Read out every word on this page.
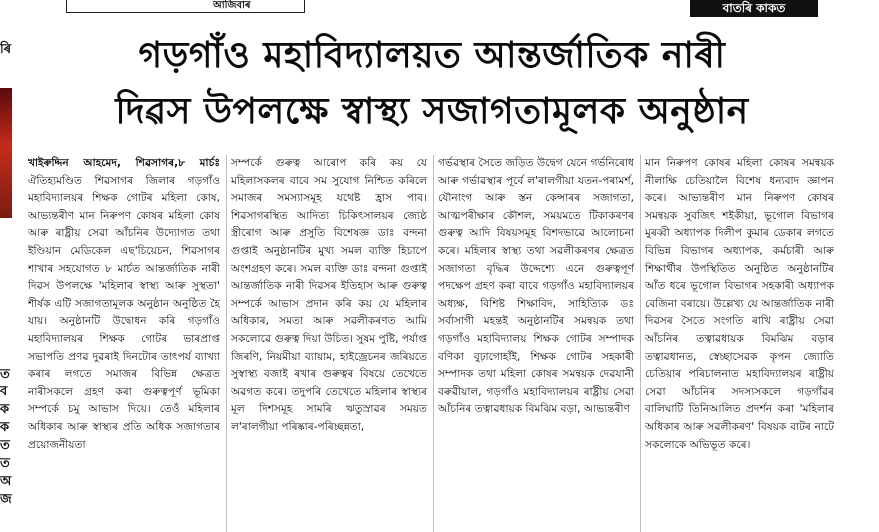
আজিবাৰ	বাতৰি কাকত
ৰি
ত
ব
ক
ক
ত
ত
অ
জ
গড়গাঁও মহাবিদ্যালয়ত আন্তৰ্জাতিক নাৰী
দিৱস উপলক্ষে স্বাস্থ্য সজাগতামূলক অনুষ্ঠান

খাইৰুদ্দিন আহমেদ, শিৱসাগৰ,৮ মাৰ্চঃ ঐতিহ্যমণ্ডিত শিৱসাগৰ জিলাৰ গড়গাঁও মহাবিদ্যালয়ৰ শিক্ষক গোটৰ মহিলা কোষ, আভ্যন্তৰীণ মান নিৰুপণ কোষৰ মহিলা কোষ আৰু ৰাষ্ট্ৰীয় সেৱা আঁচনিৰ উদ্যোগত তথা ইণ্ডিয়ান মেডিকেল এছ'চিয়েচন, শিৱসাগৰ শাখাৰ সহযোগত ৮ মাৰ্চত আন্তৰ্জাতিক নাৰী দিৱস উপলক্ষে 'মহিলাৰ স্বাস্থ্য আৰু সুস্থতা' শীৰ্ষক এটি সজাগতামূলক অনুষ্ঠান অনুষ্ঠিত হৈ যায়। অনুষ্ঠানটি উদ্বোধন কৰি গড়গাঁও মহাবিদ্যালয়ৰ শিক্ষক গোটৰ ভাৰপ্ৰাপ্ত সভাপতি প্ৰণৱ দুৱৰাই দিনটোৰ তাৎপৰ্য ব্যাখ্যা কৰাৰ লগতে সমাজৰ বিভিন্ন ক্ষেত্ৰত নাৰীসকলে গ্ৰহণ কৰা গুৰুত্বপূৰ্ণ ভূমিকা সম্পৰ্কে চমু আভাস দিয়ে। তেওঁ মহিলাৰ অধিকাৰ আৰু স্বাস্থ্যৰ প্ৰতি অধিক সজাগতাৰ প্ৰয়োজনীয়তা

সম্পৰ্কে গুৰুত্ব আৰোপ কৰি কয় যে মহিলাসকলৰ বাবে সম সুযোগ নিশ্চিত কৰিলে সমাজৰ সমস্যাসমূহ যথেষ্ট হ্ৰাস পাব। শিৱসাগৰস্থিত আদিত্য চিকিৎসালয়ৰ জ্যেষ্ঠ স্ত্ৰীৰোগ আৰু প্ৰসুতি বিশেষজ্ঞ ডাঃ বন্দনা গুপ্তাই অনুষ্ঠানটিৰ মুখ্য সমল ব্যক্তি হিচাপে অংশগ্ৰহণ কৰে। সমল ব্যক্তি ডাঃ বন্দনা গুপ্তাই আন্তৰ্জাতিক নাৰী দিৱসৰ ইতিহাস আৰু গুৰুত্ব সম্পৰ্কে আভাস প্ৰদান কৰি কয় যে মহিলাৰ অধিকাৰ, সমতা আৰু সৱলীকৰণত আমি সকলোৱে গুৰুত্ব দিয়া উচিত। সুষম পুষ্টি, পৰ্যাপ্ত জিৰণি, নিয়মীয়া ব্যায়াম, হাইজ্ৰেচনৰ জৰিয়তে সুস্বাস্থ্য বজাই ৰখাৰ গুৰুত্বৰ বিষয়ে তেখেতে অৱগত কৰে। তদুপৰি তেখেতে মহিলাৰ স্বাস্থ্যৰ মূল দিশসমূহ সামৰি ঋতুস্ৰাৱৰ সময়ত ল'ৰালগীয়া পৰিষ্কাৰ-পৰিচ্ছন্নতা,

গৰ্ভৱস্থাৰ সৈতে জড়িত উদ্বেগ যেনে গৰ্ভনিৰোধ আৰু গৰ্ভাৱস্থাৰ পূৰ্বে ল'ৰালগীয়া যতন-পৰামৰ্শ, যৌনাংগ আৰু স্তন কেন্সাৰৰ সজাগতা, আত্মপৰীক্ষাৰ কৌশল, সময়মতে টিকাকৰণৰ গুৰুত্ব আদি বিষয়সমূহ বিশদভাৱে আলোচনা কৰে। মহিলাৰ স্বাস্থ্য তথা সৱলীকৰণৰ ক্ষেত্ৰত সজাগতা বৃদ্ধিৰ উদ্দেশ্যে এনে গুৰুত্বপূৰ্ণ পদক্ষেপ গ্ৰহণ কৰা বাবে গড়গাঁও মহাবিদ্যালয়ৰ অধ্যক্ষ, বিশিষ্ট শিক্ষাবিদ, সাহিত্যিক ডঃ সৰ্বাসাগী মহন্তই অনুষ্ঠানটিৰ সমন্বয়ক তথা গড়গাঁও মহাবিদ্যালয় শিক্ষক গোটৰ সম্পাদক বণিকা বুঢ়াগোহাঁই, শিক্ষক গোটৰ সহকাৰী সম্পাদক তথা মহিলা কোষৰ সমন্বয়ক দেৱযানী বৰুৱীয়াল, গড়গাঁও মহাবিদ্যালয়ৰ ৰাষ্ট্ৰীয় সেৱা আঁচনিৰ তত্বাৱধায়ক বিমঝিম বড়া, আভ্যন্তৰীণ

মান নিৰুপণ কোষৰ মহিলা কোষৰ সমন্বয়ক নীলাক্ষি চেতিয়ালৈ বিশেষ ধন্যবাদ জ্ঞাপন কৰে। আভ্যন্তৰীণ মান নিৰুপণ কোষৰ সমন্বয়ক সুবজিৎ শইকীয়া, ভূগোল বিভাগৰ মুৰব্বী অধ্যাপক দিলীপ কুমাৰ ডেকাৰ লগতে বিভিন্ন বিভাগৰ অধ্যাপক, কৰ্মচাৰী আৰু শিক্ষাৰ্থীৰ উপস্থিতিত অনুষ্ঠিত অনুষ্ঠানটিৰ আঁত ধৰে ভূগোল বিভাগৰ সহকাৰী অধ্যাপক বেজিনা বৰায়ে। উল্লেখ্য যে আন্তৰ্জাতিক নাৰী দিৱসৰ সৈতে সংগতি ৰাখি ৰাষ্ট্ৰীয় সেৱা আঁচনিৰ তত্বাৱধায়ক বিমঝিম বড়াৰ তত্বাৱধানত, স্বেচ্ছাসেৱক কৃপন জ্যোতি চেতিয়াৰ পৰিচালনাত মহাবিদ্যালয়ৰ ৰাষ্ট্ৰীয় সেৱা আঁচনিৰ সদস্যসকলে গড়গাঁৱৰ বালিঘাটি তিনিআলিত প্ৰদৰ্শন কৰা 'মহিলাৰ অধিকাৰ আৰু সৱলীকৰণ' বিষয়ক বাটৰ নাটে সকলোকে অভিভূত কৰে।
